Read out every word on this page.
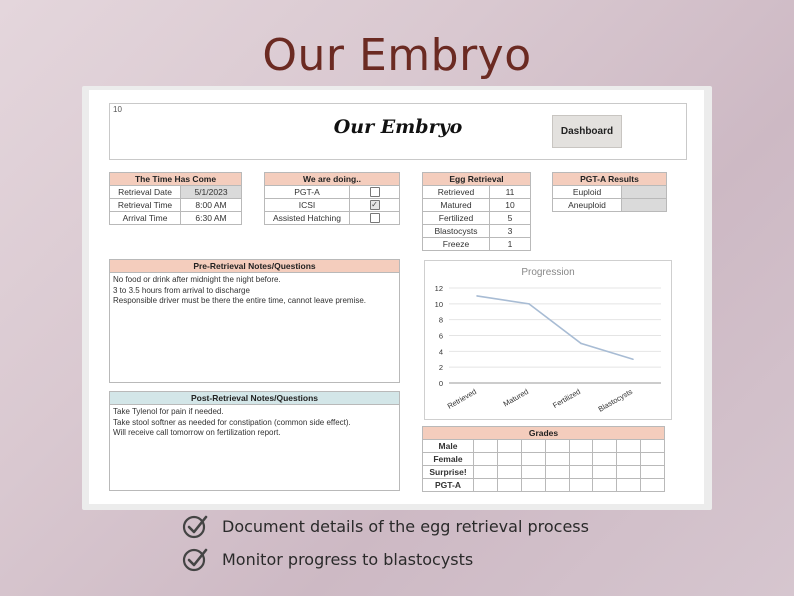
Our Embryo
10
Our Embryo	Dashboard
The Time Has Come	
Retrieval Date	5/1/2023
Retrieval Time	8:00 AM
Arrival Time	6:30 AM
We are doing..	
PGT-A	
ICSI	✓
Assisted Hatching	
Egg Retrieval	
Retrieved	11
Matured	10
Fertilized	5
Blastocysts	3
Freeze	1
PGT-A Results	
Euploid	
Aneuploid	
Pre-Retrieval Notes/Questions
No food or drink after midnight the night before.
3 to 3.5 hours from arrival to discharge
Responsible driver must be there the entire time, cannot leave premise.
Post-Retrieval Notes/Questions
Take Tylenol for pain if needed.
Take stool softner as needed for constipation (common side effect).
Will receive call tomorrow on fertilization report.
Progression
0
2
4
6
8
10
12
Retrieved	Matured	Fertilized Blastocysts
Grades								
Male								
Female								
Surprise!								
PGT-A								
Document details of the egg retrieval process
Monitor progress to blastocysts
